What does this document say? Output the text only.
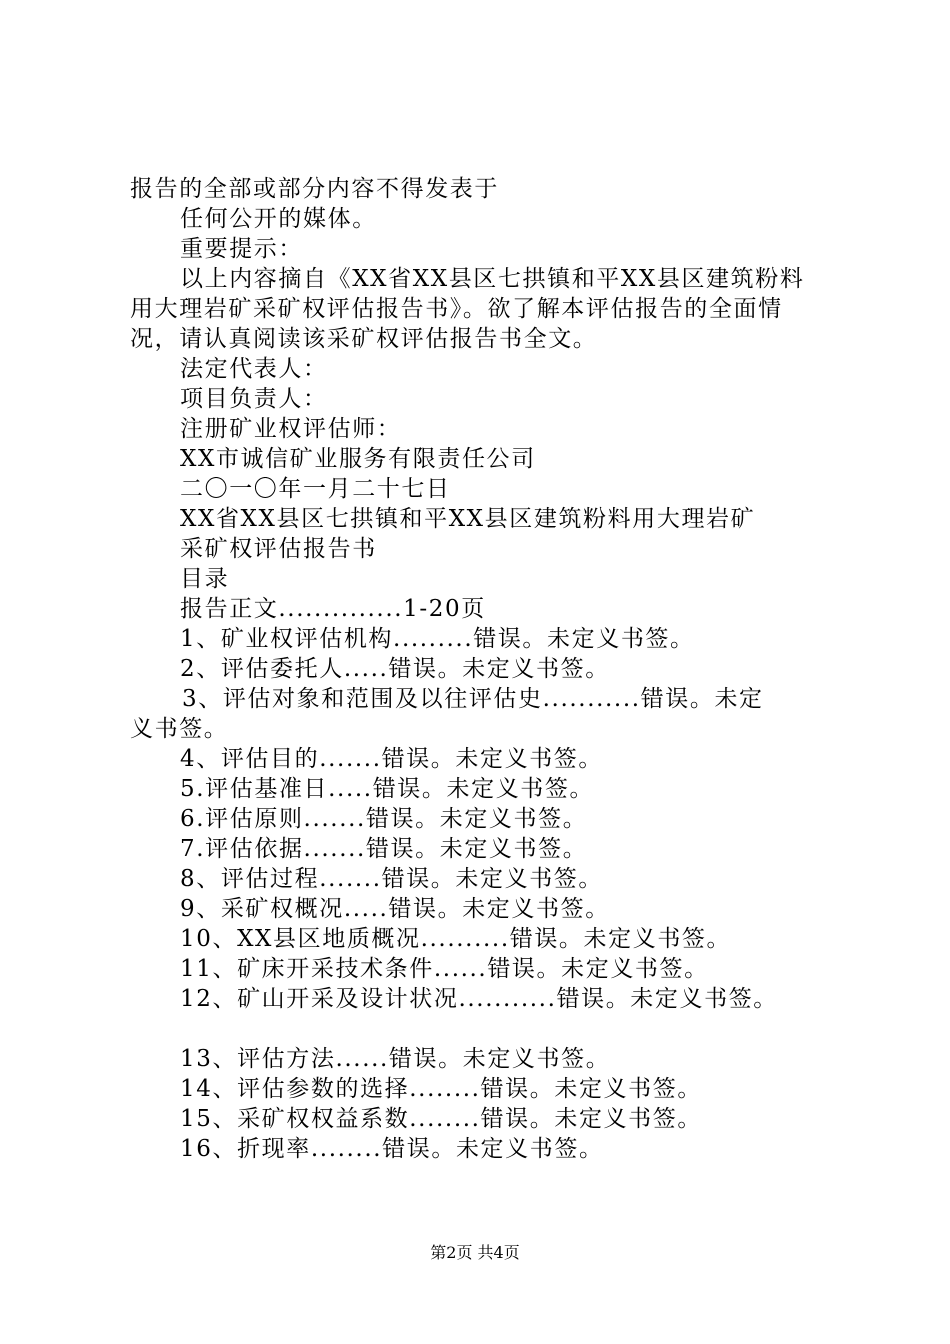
报告的全部或部分内容不得发表于
任何公开的媒体。
重要提示：
以上内容摘自《XX省XX县区七拱镇和平XX县区建筑粉料
用大理岩矿采矿权评估报告书》。欲了解本评估报告的全面情
况，请认真阅读该采矿权评估报告书全文。
法定代表人：
项目负责人：
注册矿业权评估师：
XX市诚信矿业服务有限责任公司
二〇一〇年一月二十七日
XX省XX县区七拱镇和平XX县区建筑粉料用大理岩矿
采矿权评估报告书
目录
报告正文..............1-20页
1、矿业权评估机构.........错误。未定义书签。
2、评估委托人.....错误。未定义书签。
3、评估对象和范围及以往评估史...........错误。未定
义书签。
4、评估目的.......错误。未定义书签。
5.评估基准日.....错误。未定义书签。
6.评估原则.......错误。未定义书签。
7.评估依据.......错误。未定义书签。
8、评估过程.......错误。未定义书签。
9、采矿权概况.....错误。未定义书签。
10、XX县区地质概况..........错误。未定义书签。
11、矿床开采技术条件......错误。未定义书签。
12、矿山开采及设计状况...........错误。未定义书签。
13、评估方法......错误。未定义书签。
14、评估参数的选择........错误。未定义书签。
15、采矿权权益系数........错误。未定义书签。
16、折现率........错误。未定义书签。
第2页 共4页
